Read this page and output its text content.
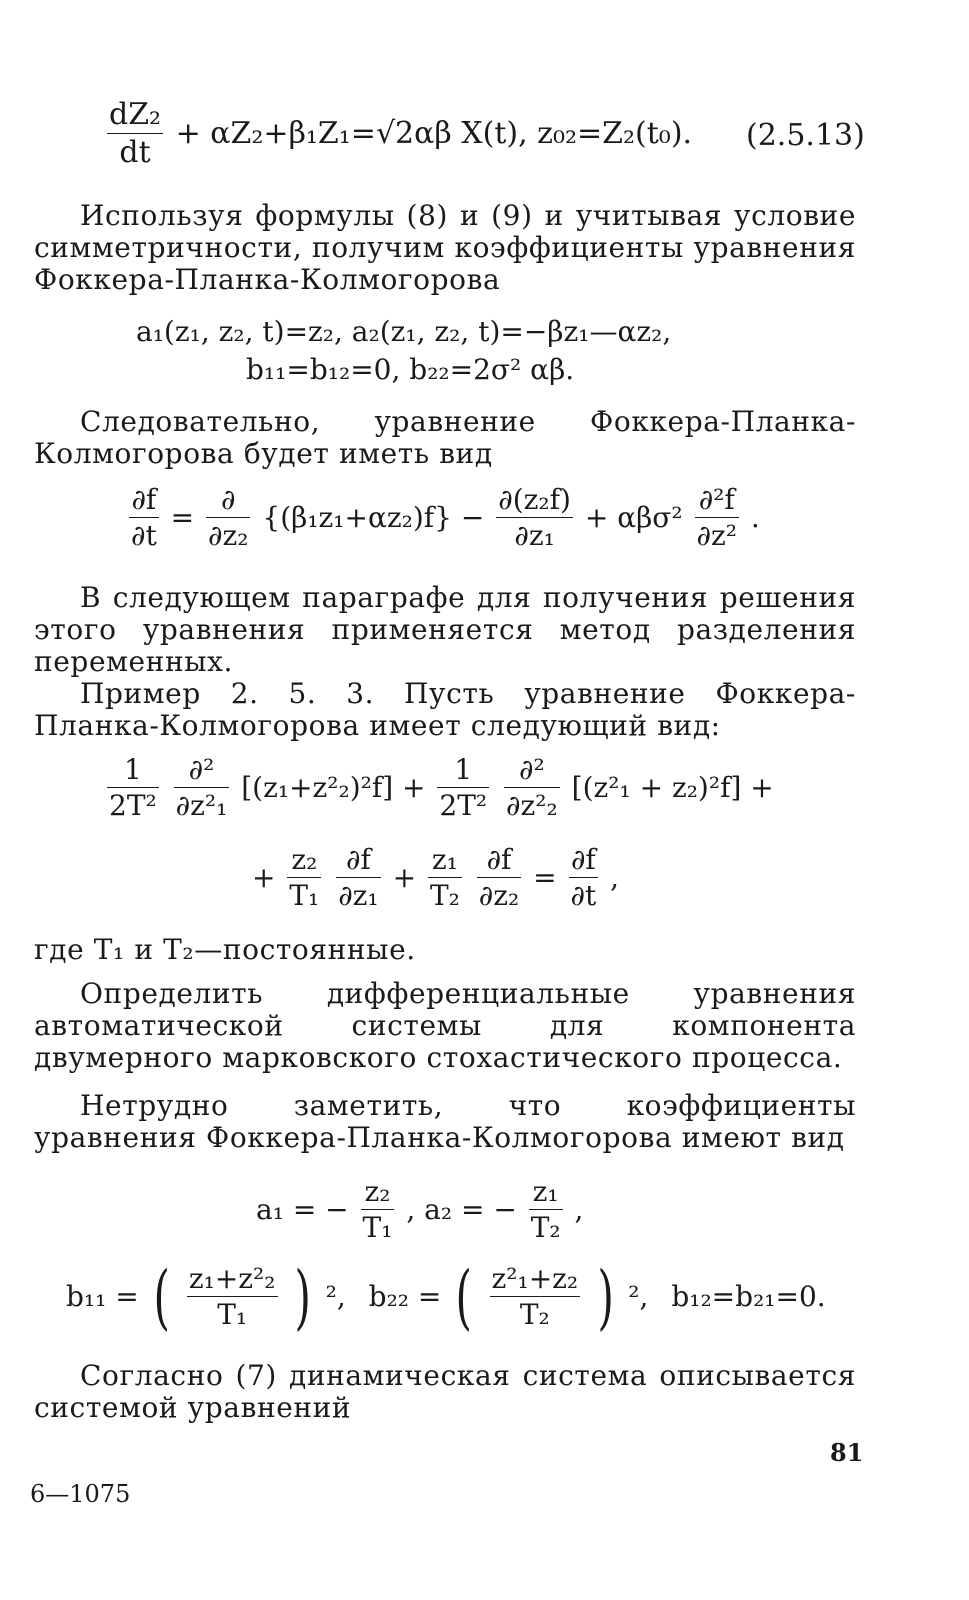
$\frac{\text{dZ₂}}{dt} + \alpha Z_2+\beta_1Z_1=√2\alpha\beta$ X(t), z₀₂=Z₂(t₀). (2.5.13)

Используя формулы (8) и (9) и учитывая условие симметричности, получим коэффициенты уравнения Фоккера-Планка-Колмогорова

a₁(z₁, z₂, t)=z₂, a₂(z₁, z₂, t)=−βz₁—αz₂,
b₁₁=b₁₂=0, b₂₂=2σ² αβ.

Следовательно, уравнение Фоккера-Планка-Колмогорова будет иметь вид

$\frac{\partial f}{\partial t} = \frac{\partial}{\text{∂z₂}} \{(\beta_1z_1+\alpha z_2)f\} - \frac{\text{∂(z₂f)}}{\text{∂z₁}} + \alpha\beta\sigma^2 \frac{\text{∂²f}}{\text{∂z²}}$ .

В следующем параграфе для получения решения этого уравнения применяется метод разделения переменных.

Пример 2. 5. 3. Пусть уравнение Фоккера-Планка-Колмогорова имеет следующий вид:

$\frac{1}{\text{2T²}}$
$\frac{\text{∂²}}{\text{∂z²₁}} [(z_1+z^2_2)^2f] + \frac{1}{\text{2T²}}$
$\frac{\text{∂²}}{\text{∂z²₂}} [(z^2_1 + z_2)^2f]$ +
+ $\frac{\text{z₂}}{\text{T₁}}$
$\frac{\partial f}{\text{∂z₁}} + \frac{\text{z₁}}{\text{T₂}}$
$\frac{\partial f}{\text{∂z₂}} = \frac{\partial f}{\partial t}$ ,

где T₁ и T₂—постоянные.

Определить дифференциальные уравнения автоматической системы для компонента двумерного марковского стохастического процесса.

Нетрудно заметить, что коэффициенты уравнения Фоккера-Планка-Колмогорова имеют вид

a₁ = − $\frac{\text{z₂}}{\text{T₁}}$ , a₂ = − $\frac{\text{z₁}}{\text{T₂}}$ ,
b₁₁ = ( $\frac{\text{z₁+z²₂}}{\text{T₁}}$ ) ², b₂₂ = ( $\frac{\text{z²₁+z₂}}{\text{T₂}}$ ) ², b₁₂=b₂₁=0.

Согласно (7) динамическая система описывается системой уравнений

81
6—1075
